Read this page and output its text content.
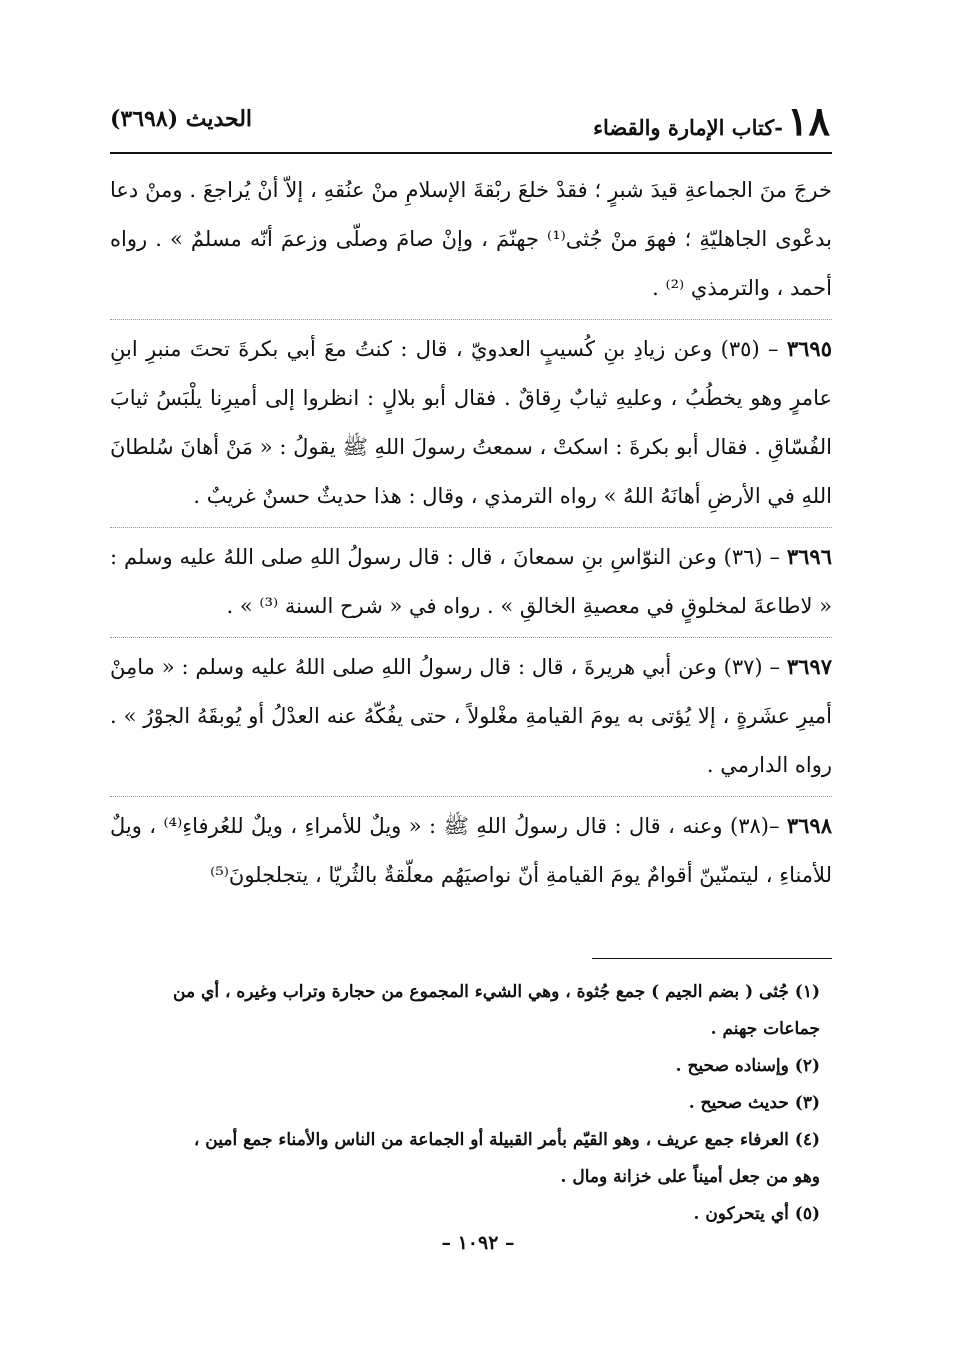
١٨
-كتاب الإمارة والقضاء
الحديث (٣٦٩٨)

خرجَ منَ الجماعةِ قيدَ شبرٍ ؛ فقدْ خلعَ ربْقةَ الإسلامِ منْ عنُقهِ ، إلاّ أنْ يُراجعَ . ومنْ دعا بدعْوى الجاهليّةِ ؛ فهوَ منْ جُثى⁽¹⁾ جهنّمَ ، وإنْ صامَ وصلّى وزعمَ أنّه مسلمٌ » . رواه أحمد ، والترمذي ⁽²⁾ .

٣٦٩٥ – (٣٥) وعن زيادِ بنِ كُسيبٍ العدويّ ، قال : كنتُ معَ أبي بكرةَ تحتَ منبرِ ابنِ عامرٍ وهو يخطُبُ ، وعليهِ ثيابٌ رِقاقٌ . فقال أبو بلالٍ : انظروا إلى أميرِنا يلْبَسُ ثيابَ الفُسّاقِ . فقال أبو بكرةَ : اسكتْ ، سمعتُ رسولَ اللهِ ﷺ يقولُ : « مَنْ أهانَ سُلطانَ اللهِ في الأرضِ أهانَهُ اللهُ » رواه الترمذي ، وقال : هذا حديثٌ حسنٌ غريبٌ .

٣٦٩٦ – (٣٦) وعن النوّاسِ بنِ سمعانَ ، قال : قال رسولُ اللهِ صلى اللهُ عليه وسلم : « لاطاعةَ لمخلوقٍ في معصيةِ الخالقِ » . رواه في « شرح السنة ⁽³⁾ » .

٣٦٩٧ – (٣٧) وعن أبي هريرةَ ، قال : قال رسولُ اللهِ صلى اللهُ عليه وسلم : « مامِنْ أميرِ عشَرةٍ ، إلا يُؤتى به يومَ القيامةِ مغْلولاً ، حتى يفُكّهُ عنه العدْلُ أو يُوبقَهُ الجوْرُ » . رواه الدارمي .

٣٦٩٨ –(٣٨) وعنه ، قال : قال رسولُ اللهِ ﷺ : « ويلٌ للأمراءِ ، ويلٌ للعُرفاءِ⁽⁴⁾ ، ويلٌ للأمناءِ ، ليتمنّينّ أقوامٌ يومَ القيامةِ أنّ نواصيَهُم معلّقةٌ بالثُريّا ، يتجلجلونَ⁽⁵⁾

(١) جُثى ( بضم الجيم ) جمع جُثوة ، وهي الشيء المجموع من حجارة وتراب وغيره ، أي من
جماعات جهنم .

(٢) وإسناده صحيح .

(٣) حديث صحيح .

(٤) العرفاء جمع عريف ، وهو القيّم بأمر القبيلة أو الجماعة من الناس والأمناء جمع أمين ،
وهو من جعل أميناً على خزانة ومال .

(٥) أي يتحركون .

– ١٠٩٢ –
